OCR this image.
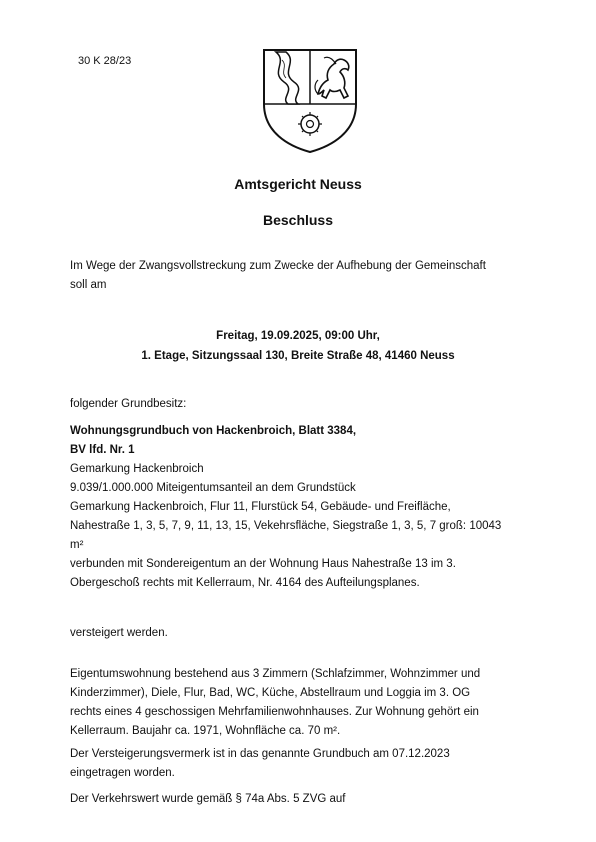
30 K 28/23
Amtsgericht Neuss
Beschluss
Im Wege der Zwangsvollstreckung zum Zwecke der Aufhebung der Gemeinschaft
soll am
Freitag, 19.09.2025, 09:00 Uhr,
1. Etage, Sitzungssaal 130, Breite Straße 48, 41460 Neuss
folgender Grundbesitz:
Wohnungsgrundbuch von Hackenbroich, Blatt 3384,
BV lfd. Nr. 1
Gemarkung Hackenbroich
9.039/1.000.000 Miteigentumsanteil an dem Grundstück
Gemarkung Hackenbroich, Flur 11, Flurstück 54, Gebäude- und Freifläche,
Nahestraße 1, 3, 5, 7, 9, 11, 13, 15, Vekehrsfläche, Siegstraße 1, 3, 5, 7 groß: 10043
m²
verbunden mit Sondereigentum an der Wohnung Haus Nahestraße 13 im 3.
Obergeschoß rechts mit Kellerraum, Nr. 4164 des Aufteilungsplanes.
versteigert werden.
Eigentumswohnung bestehend aus 3 Zimmern (Schlafzimmer, Wohnzimmer und
Kinderzimmer), Diele, Flur, Bad, WC, Küche, Abstellraum und Loggia im 3. OG
rechts eines 4 geschossigen Mehrfamilienwohnhauses. Zur Wohnung gehört ein
Kellerraum. Baujahr ca. 1971, Wohnfläche ca. 70 m².
Der Versteigerungsvermerk ist in das genannte Grundbuch am 07.12.2023
eingetragen worden.
Der Verkehrswert wurde gemäß § 74a Abs. 5 ZVG auf
